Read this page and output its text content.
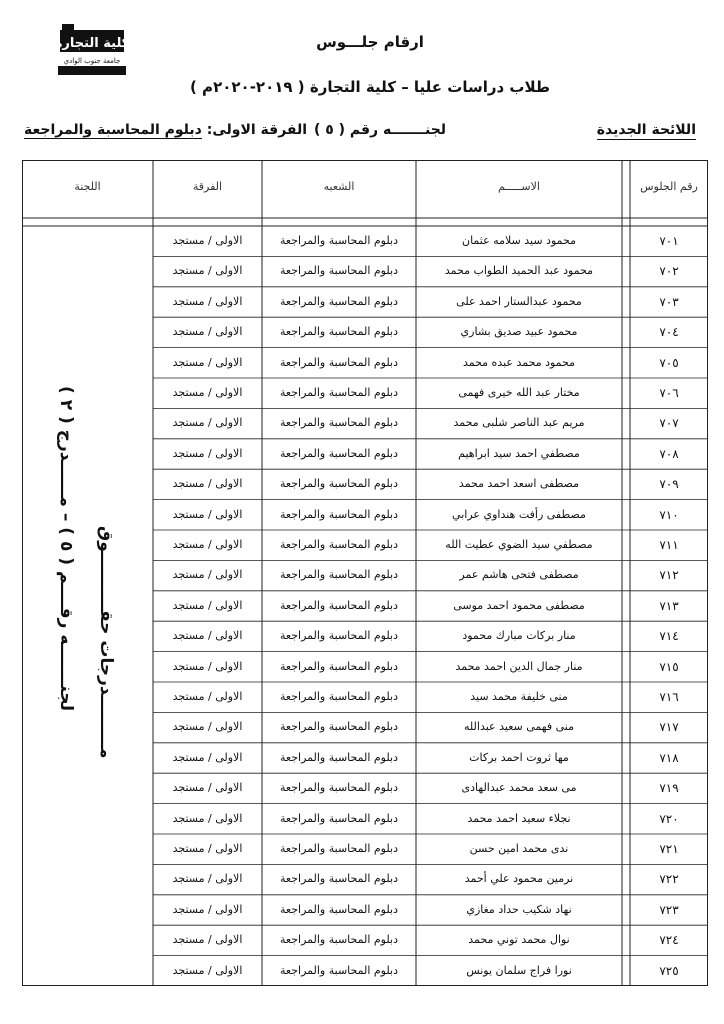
كلية التجارة
جامعة جنوب الوادي
ارقام جلـــوس
طلاب دراسات عليا – كلية التجارة ( ٢٠١٩-٢٠٢٠م )
اللائحة الجديدة
لجنـــــــه رقم ( ٥ )
الفرقة الاولى: دبلوم المحاسبة والمراجعة
رقم الجلوس
الاســـــم
الشعبه
الفرقة
اللجنة
٧٠١
محمود سيد سلامه عثمان
دبلوم المحاسبة والمراجعة
الاولى / مستجد
٧٠٢
محمود عبد الحميد الطواب محمد
دبلوم المحاسبة والمراجعة
الاولى / مستجد
٧٠٣
محمود عبدالستار احمد على
دبلوم المحاسبة والمراجعة
الاولى / مستجد
٧٠٤
محمود عبيد صديق بشاري
دبلوم المحاسبة والمراجعة
الاولى / مستجد
٧٠٥
محمود محمد عبده محمد
دبلوم المحاسبة والمراجعة
الاولى / مستجد
٧٠٦
مختار عبد الله خيرى فهمى
دبلوم المحاسبة والمراجعة
الاولى / مستجد
٧٠٧
مريم عبد الناصر شلبى محمد
دبلوم المحاسبة والمراجعة
الاولى / مستجد
٧٠٨
مصطفي احمد سيد ابراهيم
دبلوم المحاسبة والمراجعة
الاولى / مستجد
٧٠٩
مصطفى اسعد احمد محمد
دبلوم المحاسبة والمراجعة
الاولى / مستجد
٧١٠
مصطفى رأفت هنداوي عرابي
دبلوم المحاسبة والمراجعة
الاولى / مستجد
٧١١
مصطفي سيد الضوي عطيت الله
دبلوم المحاسبة والمراجعة
الاولى / مستجد
٧١٢
مصطفى فتحى هاشم عمر
دبلوم المحاسبة والمراجعة
الاولى / مستجد
٧١٣
مصطفى محمود احمد موسى
دبلوم المحاسبة والمراجعة
الاولى / مستجد
٧١٤
منار بركات مبارك محمود
دبلوم المحاسبة والمراجعة
الاولى / مستجد
٧١٥
منار جمال الدين احمد محمد
دبلوم المحاسبة والمراجعة
الاولى / مستجد
٧١٦
منى خليفة محمد سيد
دبلوم المحاسبة والمراجعة
الاولى / مستجد
٧١٧
منى فهمى سعيد عبدالله
دبلوم المحاسبة والمراجعة
الاولى / مستجد
٧١٨
مها ثروت احمد بركات
دبلوم المحاسبة والمراجعة
الاولى / مستجد
٧١٩
مى سعد محمد عبدالهادى
دبلوم المحاسبة والمراجعة
الاولى / مستجد
٧٢٠
نجلاء سعيد احمد محمد
دبلوم المحاسبة والمراجعة
الاولى / مستجد
٧٢١
ندى محمد امين حسن
دبلوم المحاسبة والمراجعة
الاولى / مستجد
٧٢٢
نرمين محمود علي أحمد
دبلوم المحاسبة والمراجعة
الاولى / مستجد
٧٢٣
نهاد شكيب حداد مغازي
دبلوم المحاسبة والمراجعة
الاولى / مستجد
٧٢٤
نوال محمد توني محمد
دبلوم المحاسبة والمراجعة
الاولى / مستجد
٧٢٥
نورا فراج سلمان يونس
دبلوم المحاسبة والمراجعة
الاولى / مستجد
لجنـــــــه رقــــم ( ٥ ) – مــــــدرج ( ٢ ) مـــــــــدرجات حقــــــــــوق
